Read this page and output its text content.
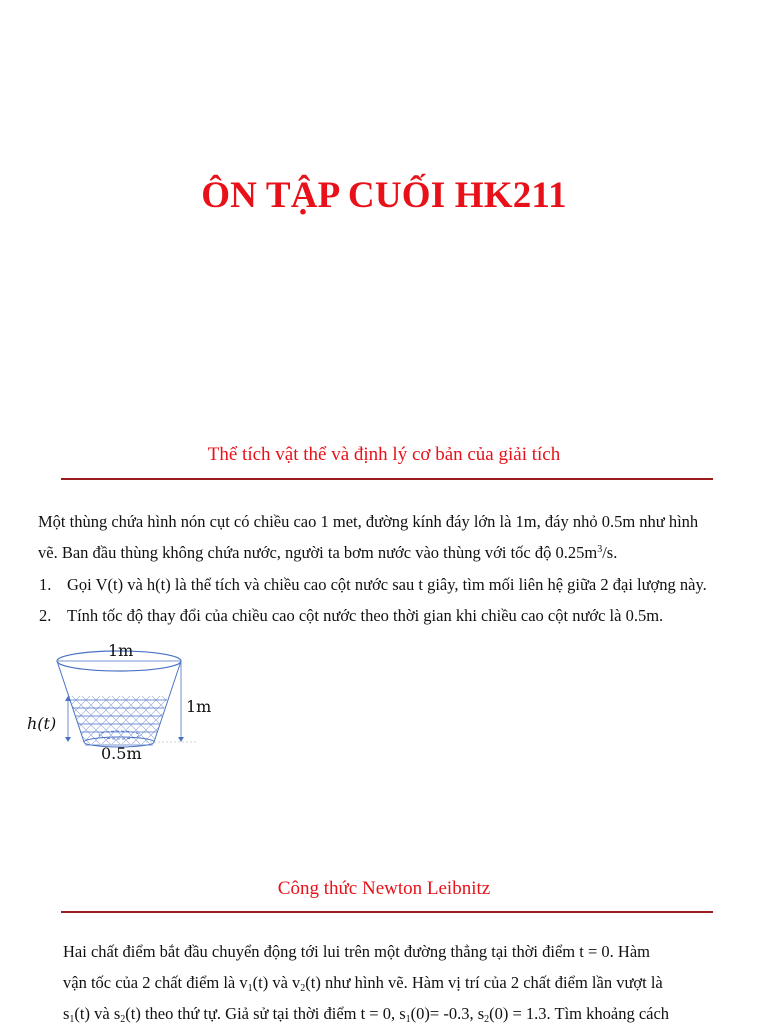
ÔN TẬP CUỐI HK211
Thể tích vật thể và định lý cơ bản của giải tích

Một thùng chứa hình nón cụt có chiều cao 1 met, đường kính đáy lớn là 1m, đáy nhỏ 0.5m như hình
vẽ. Ban đầu thùng không chứa nước, người ta bơm nước vào thùng với tốc độ $0.25m^3/s$.

1. Gọi V(t) và h(t) là thể tích và chiều cao cột nước sau t giây, tìm mối liên hệ giữa 2 đại lượng này.
2. Tính tốc độ thay đổi của chiều cao cột nước theo thời gian khi chiều cao cột nước là 0.5m.
1m
1m
0.5m
h(t)
Công thức Newton Leibnitz

Hai chất điểm bắt đầu chuyển động tới lui trên một đường thẳng tại thời điểm t = 0. Hàm
vận tốc của 2 chất điểm là $v_1(t)$ và $v_2(t)$ như hình vẽ. Hàm vị trí của 2 chất điểm lần vượt là
$s_1(t)$ và $s_2(t)$ theo thứ tự. Giả sử tại thời điểm t = 0, $s_1(0)= -0.3$, $s_2(0) = 1.3$. Tìm khoảng cách
